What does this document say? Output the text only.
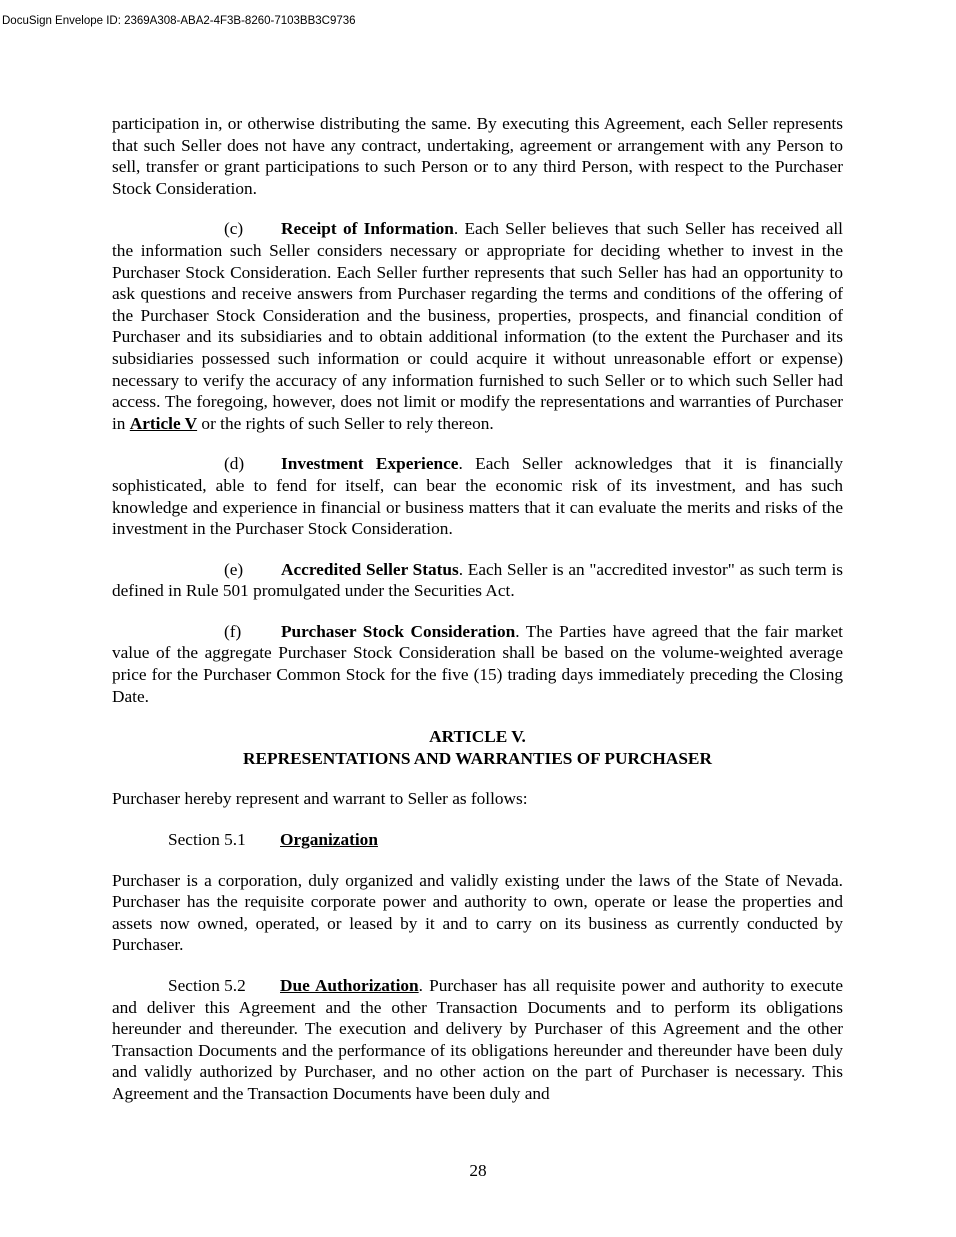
DocuSign Envelope ID: 2369A308-ABA2-4F3B-8260-7103BB3C9736

participation in, or otherwise distributing the same. By executing this Agreement, each Seller represents that such Seller does not have any contract, undertaking, agreement or arrangement with any Person to sell, transfer or grant participations to such Person or to any third Person, with respect to the Purchaser Stock Consideration.

(c) Receipt of Information. Each Seller believes that such Seller has received all the information such Seller considers necessary or appropriate for deciding whether to invest in the Purchaser Stock Consideration. Each Seller further represents that such Seller has had an opportunity to ask questions and receive answers from Purchaser regarding the terms and conditions of the offering of the Purchaser Stock Consideration and the business, properties, prospects, and financial condition of Purchaser and its subsidiaries and to obtain additional information (to the extent the Purchaser and its subsidiaries possessed such information or could acquire it without unreasonable effort or expense) necessary to verify the accuracy of any information furnished to such Seller or to which such Seller had access. The foregoing, however, does not limit or modify the representations and warranties of Purchaser in Article V or the rights of such Seller to rely thereon.

(d) Investment Experience. Each Seller acknowledges that it is financially sophisticated, able to fend for itself, can bear the economic risk of its investment, and has such knowledge and experience in financial or business matters that it can evaluate the merits and risks of the investment in the Purchaser Stock Consideration.

(e) Accredited Seller Status. Each Seller is an "accredited investor" as such term is defined in Rule 501 promulgated under the Securities Act.

(f) Purchaser Stock Consideration. The Parties have agreed that the fair market value of the aggregate Purchaser Stock Consideration shall be based on the volume-weighted average price for the Purchaser Common Stock for the five (15) trading days immediately preceding the Closing Date.

ARTICLE V.
REPRESENTATIONS AND WARRANTIES OF PURCHASER

Purchaser hereby represent and warrant to Seller as follows:

Section 5.1 Organization

Purchaser is a corporation, duly organized and validly existing under the laws of the State of Nevada. Purchaser has the requisite corporate power and authority to own, operate or lease the properties and assets now owned, operated, or leased by it and to carry on its business as currently conducted by Purchaser.

Section 5.2 Due Authorization. Purchaser has all requisite power and authority to execute and deliver this Agreement and the other Transaction Documents and to perform its obligations hereunder and thereunder. The execution and delivery by Purchaser of this Agreement and the other Transaction Documents and the performance of its obligations hereunder and thereunder have been duly and validly authorized by Purchaser, and no other action on the part of Purchaser is necessary. This Agreement and the Transaction Documents have been duly and

28
